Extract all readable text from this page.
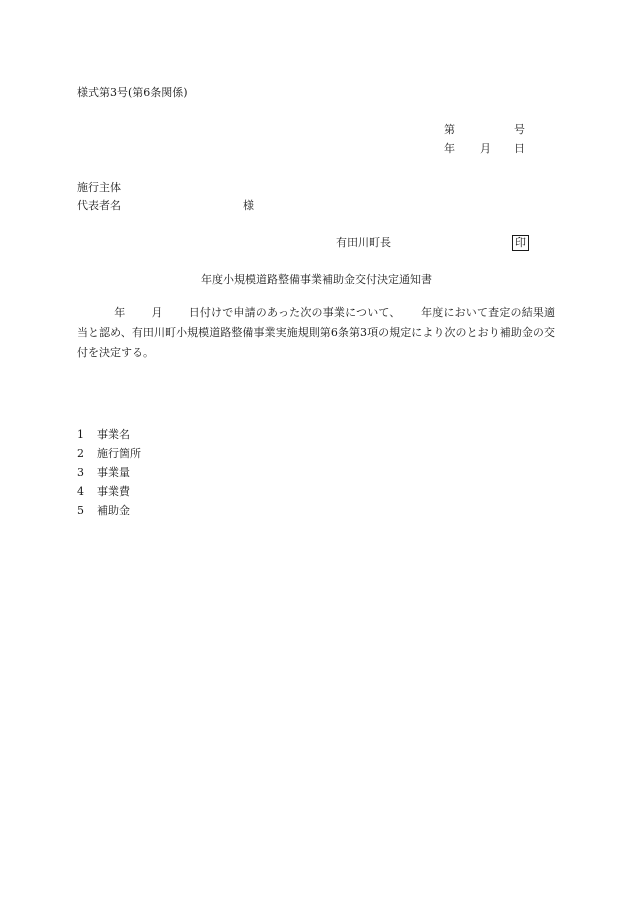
様式第3号(第6条関係)
第	号
年 月 日
施行主体
代表者名	様
有田川町長	印
年度小規模道路整備事業補助金交付決定通知書
　　　 年　　 月　　 日付けで申請のあった次の事業について、　　 年度において査定の結果適当と認め、有田川町小規模道路整備事業実施規則第6条第3項の規定により次のとおり補助金の交付を決定する。
1 事業名
2 施行箇所
3 事業量
4 事業費
5 補助金
